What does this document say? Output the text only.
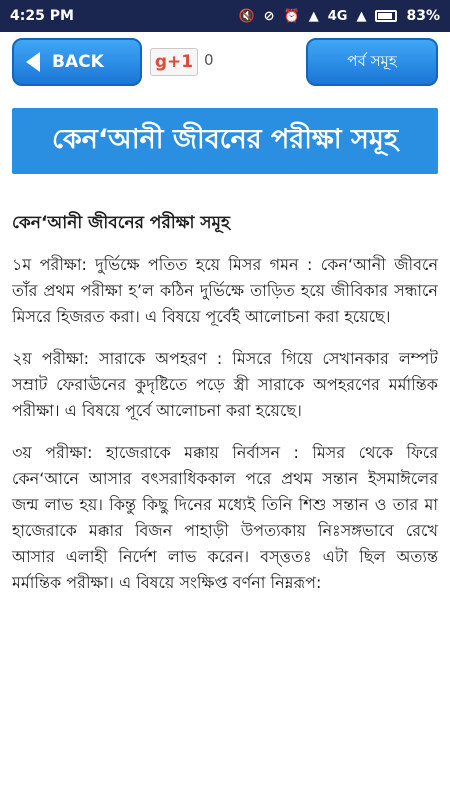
4:25 PM	🔇 ⊘ ⏰ ▲ 4G ▲	83%
BACK	g+1 0	পর্ব সমূহ
কেন‘আনী জীবনের পরীক্ষা সমূহ
কেন‘আনী জীবনের পরীক্ষা সমূহ

১ম পরীক্ষা: দুর্ভিক্ষে পতিত হয়ে মিসর গমন : কেন‘আনী জীবনে তাঁর প্রথম পরীক্ষা হ’ল কঠিন দুর্ভিক্ষে তাড়িত হয়ে জীবিকার সন্ধানে মিসরে হিজরত করা। এ বিষয়ে পূর্বেই আলোচনা করা হয়েছে।

২য় পরীক্ষা: সারাকে অপহরণ : মিসরে গিয়ে সেখানকার লম্পট সম্রাট ফেরাঊনের কুদৃষ্টিতে পড়ে স্ত্রী সারাকে অপহরণের মর্মান্তিক পরীক্ষা। এ বিষয়ে পূর্বে আলোচনা করা হয়েছে।

৩য় পরীক্ষা: হাজেরাকে মক্কায় নির্বাসন : মিসর থেকে ফিরে কেন‘আনে আসার বৎসরাধিককাল পরে প্রথম সন্তান ইসমাঈলের জন্ম লাভ হয়। কিন্তু কিছু দিনের মধ্যেই তিনি শিশু সন্তান ও তার মা হাজেরাকে মক্কার বিজন পাহাড়ী উপত্যকায় নিঃসঙ্গভাবে রেখে আসার এলাহী নির্দেশ লাভ করেন। বস্ত্ততঃ এটা ছিল অত্যন্ত মর্মান্তিক পরীক্ষা। এ বিষয়ে সংক্ষিপ্ত বর্ণনা নিম্নরূপ:
